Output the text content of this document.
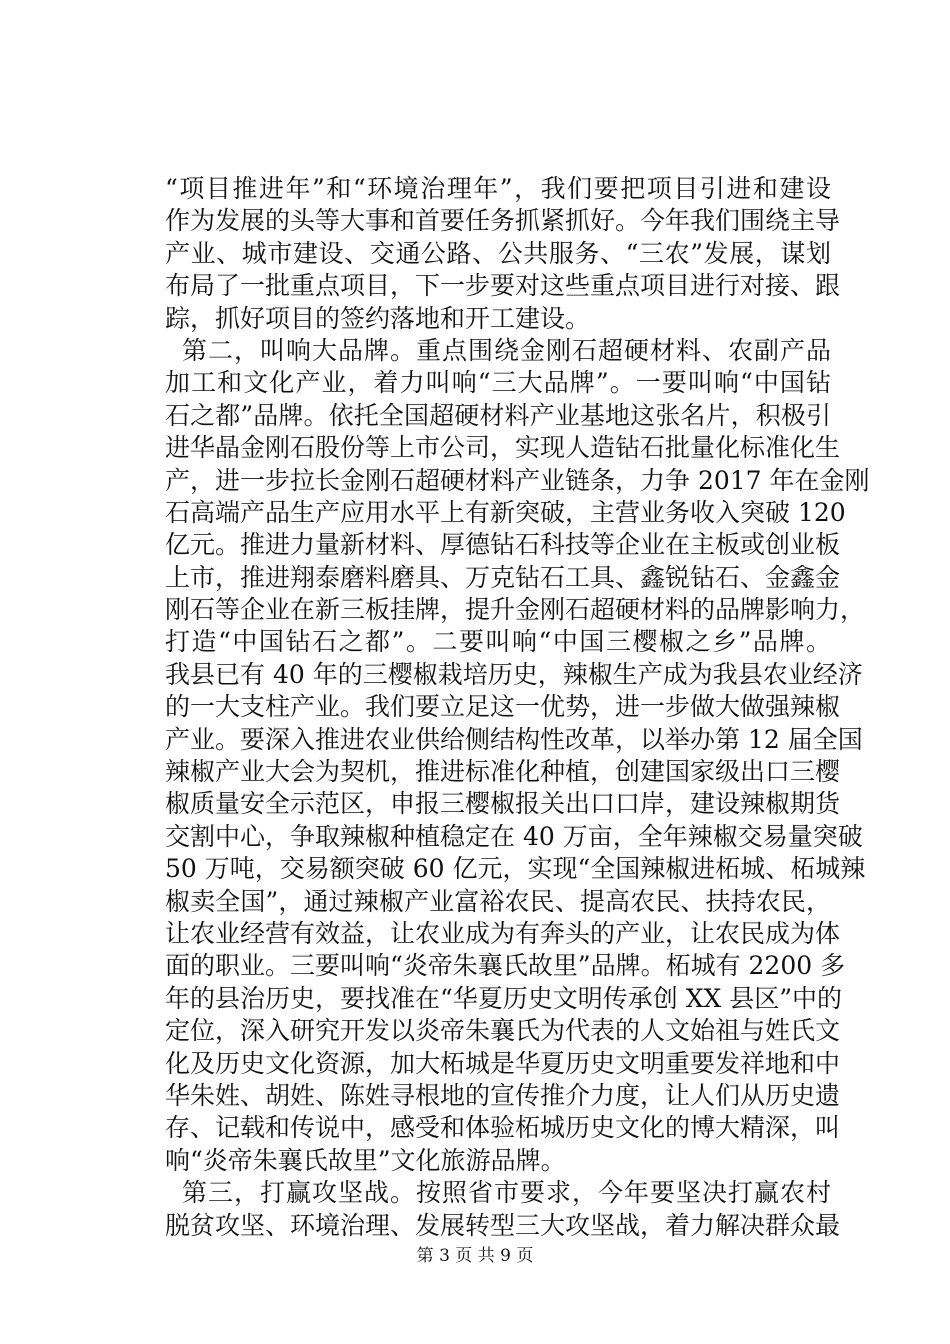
“项目推进年”和“环境治理年”，我们要把项目引进和建设
作为发展的头等大事和首要任务抓紧抓好。今年我们围绕主导
产业、城市建设、交通公路、公共服务、“三农”发展，谋划
布局了一批重点项目，下一步要对这些重点项目进行对接、跟
踪，抓好项目的签约落地和开工建设。
第二，叫响大品牌。重点围绕金刚石超硬材料、农副产品
加工和文化产业，着力叫响“三大品牌”。一要叫响“中国钻
石之都”品牌。依托全国超硬材料产业基地这张名片，积极引
进华晶金刚石股份等上市公司，实现人造钻石批量化标准化生
产，进一步拉长金刚石超硬材料产业链条，力争 2017 年在金刚
石高端产品生产应用水平上有新突破，主营业务收入突破 120
亿元。推进力量新材料、厚德钻石科技等企业在主板或创业板
上市，推进翔泰磨料磨具、万克钻石工具、鑫锐钻石、金鑫金
刚石等企业在新三板挂牌，提升金刚石超硬材料的品牌影响力，
打造“中国钻石之都”。二要叫响“中国三樱椒之乡”品牌。
我县已有 40 年的三樱椒栽培历史，辣椒生产成为我县农业经济
的一大支柱产业。我们要立足这一优势，进一步做大做强辣椒
产业。要深入推进农业供给侧结构性改革，以举办第 12 届全国
辣椒产业大会为契机，推进标准化种植，创建国家级出口三樱
椒质量安全示范区，申报三樱椒报关出口口岸，建设辣椒期货
交割中心，争取辣椒种植稳定在 40 万亩，全年辣椒交易量突破
50 万吨，交易额突破 60 亿元，实现“全国辣椒进柘城、柘城辣
椒卖全国”，通过辣椒产业富裕农民、提高农民、扶持农民，
让农业经营有效益，让农业成为有奔头的产业，让农民成为体
面的职业。三要叫响“炎帝朱襄氏故里”品牌。柘城有 2200 多
年的县治历史，要找准在“华夏历史文明传承创 XX 县区”中的
定位，深入研究开发以炎帝朱襄氏为代表的人文始祖与姓氏文
化及历史文化资源，加大柘城是华夏历史文明重要发祥地和中
华朱姓、胡姓、陈姓寻根地的宣传推介力度，让人们从历史遗
存、记载和传说中，感受和体验柘城历史文化的博大精深，叫
响“炎帝朱襄氏故里”文化旅游品牌。
第三，打赢攻坚战。按照省市要求，今年要坚决打赢农村
脱贫攻坚、环境治理、发展转型三大攻坚战，着力解决群众最
第 3 页 共 9 页
